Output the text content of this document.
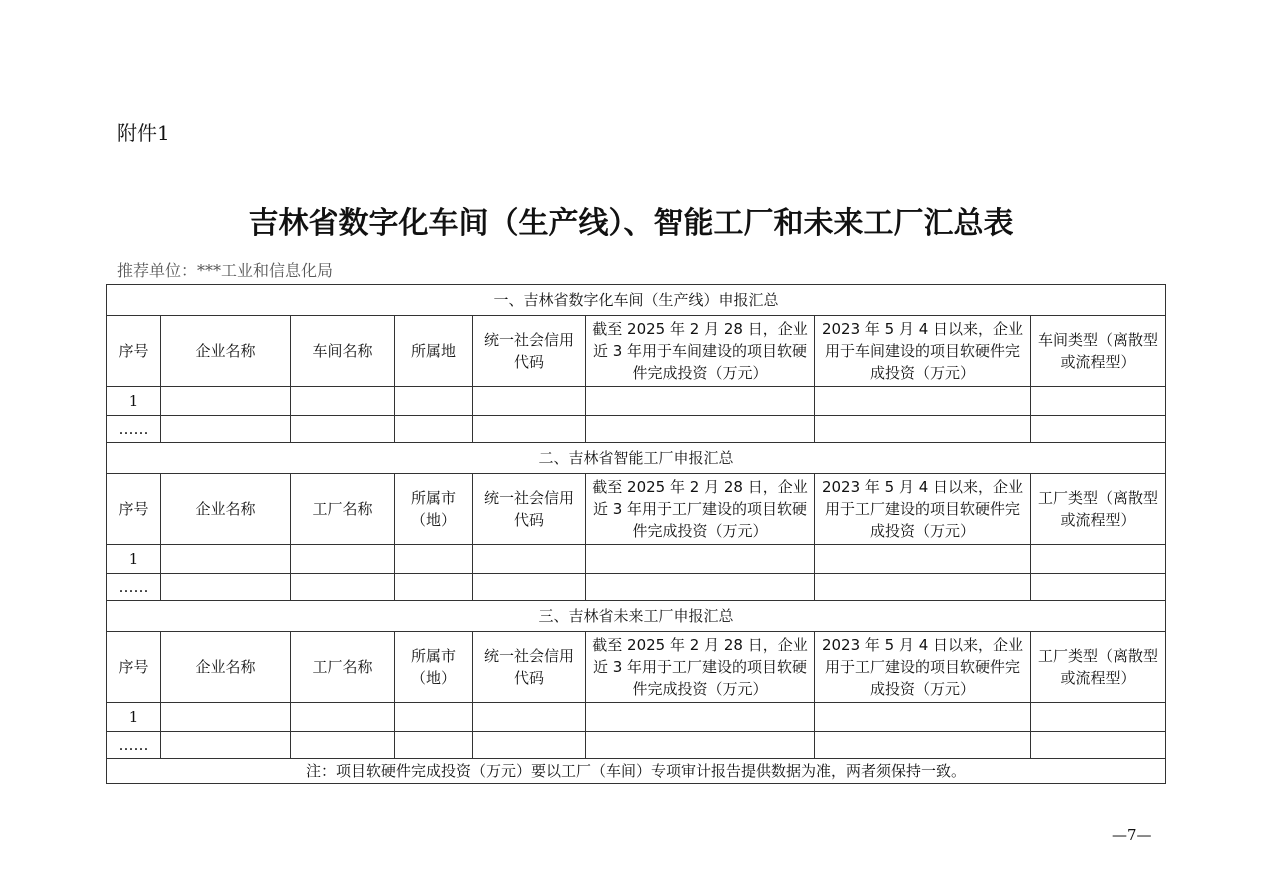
附件1
吉林省数字化车间（生产线）、智能工厂和未来工厂汇总表
推荐单位：***工业和信息化局
一、吉林省数字化车间（生产线）申报汇总							
序号	企业名称	车间名称	所属地	统一社会信用代码	截至 2025 年 2 月 28 日，企业近 3 年用于车间建设的项目软硬件完成投资（万元）	2023 年 5 月 4 日以来，企业用于车间建设的项目软硬件完成投资（万元）	车间类型（离散型或流程型）
1							
……							
二、吉林省智能工厂申报汇总							
序号	企业名称	工厂名称	所属市（地）	统一社会信用代码	截至 2025 年 2 月 28 日，企业近 3 年用于工厂建设的项目软硬件完成投资（万元）	2023 年 5 月 4 日以来，企业用于工厂建设的项目软硬件完成投资（万元）	工厂类型（离散型或流程型）
1							
……							
三、吉林省未来工厂申报汇总							
序号	企业名称	工厂名称	所属市（地）	统一社会信用代码	截至 2025 年 2 月 28 日，企业近 3 年用于工厂建设的项目软硬件完成投资（万元）	2023 年 5 月 4 日以来，企业用于工厂建设的项目软硬件完成投资（万元）	工厂类型（离散型或流程型）
1							
……							
注：项目软硬件完成投资（万元）要以工厂（车间）专项审计报告提供数据为准，两者须保持一致。							
—7—
